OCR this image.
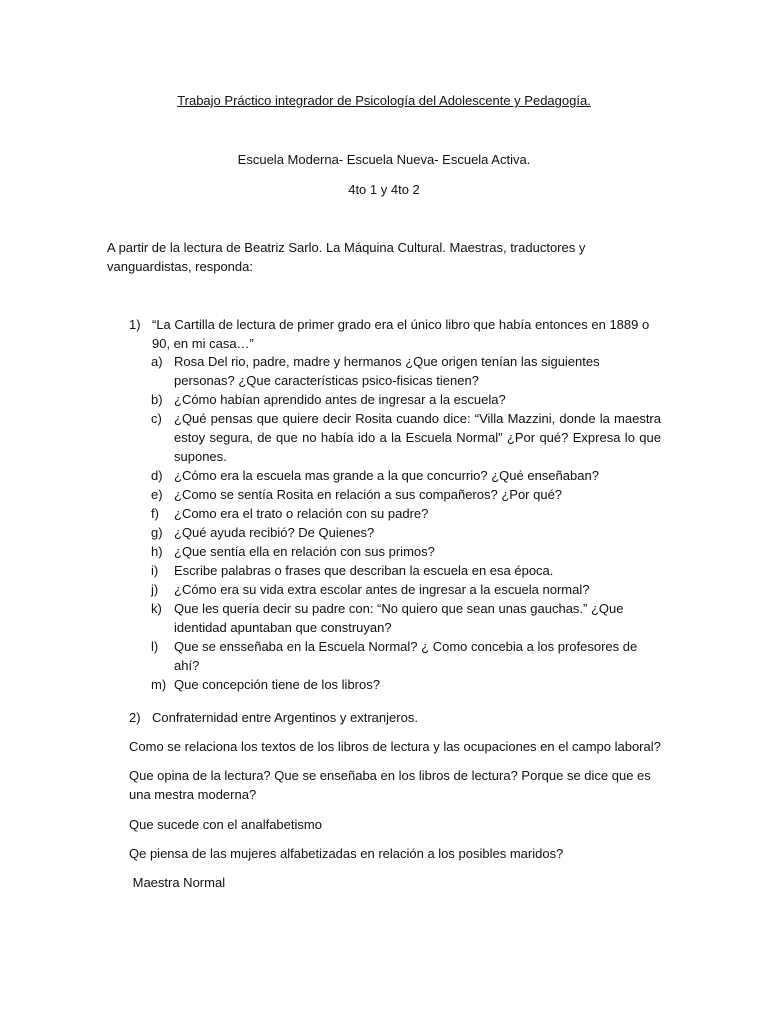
Trabajo Práctico integrador de Psicología del Adolescente y Pedagogía.
Escuela Moderna- Escuela Nueva- Escuela Activa.
4to 1 y 4to 2
A partir de la lectura de Beatriz Sarlo. La Máquina Cultural. Maestras, traductores y vanguardistas, responda:
1) “La Cartilla de lectura de primer grado era el único libro que había entonces en 1889 o 90, en mi casa…”
a) Rosa Del rio, padre, madre y hermanos ¿Que origen tenían las siguientes personas? ¿Que características psico-fisicas tienen?
b) ¿Cómo habían aprendido antes de ingresar a la escuela?
c) ¿Qué pensas que quiere decir Rosita cuando dice: “Villa Mazzini, donde la maestra estoy segura, de que no había ido a la Escuela Normal” ¿Por qué? Expresa lo que supones.
d) ¿Cómo era la escuela mas grande a la que concurrio? ¿Qué enseñaban?
e) ¿Como se sentía Rosita en relación a sus compañeros? ¿Por qué?
f) ¿Como era el trato o relación con su padre?
g) ¿Qué ayuda recibió? De Quienes?
h) ¿Que sentía ella en relación con sus primos?
i) Escribe palabras o frases que describan la escuela en esa época.
j) ¿Cómo era su vida extra escolar antes de ingresar a la escuela normal?
k) Que les quería decir su padre con: “No quiero que sean unas gauchas.” ¿Que identidad apuntaban que construyan?
l) Que se ensseñaba en la Escuela Normal? ¿ Como concebia a los profesores de ahí?
m) Que concepción tiene de los libros?
2) Confraternidad entre Argentinos y extranjeros.
Como se relaciona los textos de los libros de lectura y las ocupaciones en el campo laboral?
Que opina de la lectura? Que se enseñaba en los libros de lectura? Porque se dice que es una mestra moderna?
Que sucede con el analfabetismo
Qe piensa de las mujeres alfabetizadas en relación a los posibles maridos?
Maestra Normal
